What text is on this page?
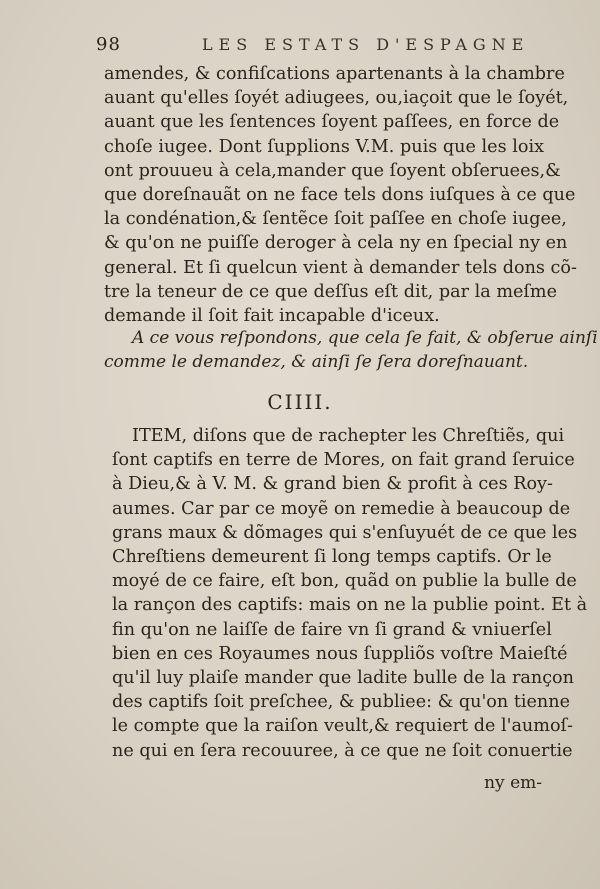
98	LES ESTATS D'ESPAGNE
amendes, & confiſcations apartenants à la chambre
auant qu'elles ſoyét adiugees, ou,iaçoit que le ſoyét,
auant que les ſentences ſoyent paſſees, en force de
choſe iugee. Dont ſupplions V.M. puis que les loix
ont prouueu à cela,mander que ſoyent obſeruees,&
que doreſnauãt on ne face tels dons iuſques à ce que
la condénation,& ſentẽce ſoit paſſee en choſe iugee,
& qu'on ne puiſſe deroger à cela ny en ſpecial ny en
general. Et ſi quelcun vient à demander tels dons cõ-
tre la teneur de ce que deſſus eſt dit, par la meſme
demande il ſoit fait incapable d'iceux.
A ce vous reſpondons, que cela ſe fait, & obſerue ainſi
comme le demandez, & ainſi ſe ſera doreſnauant.
CIIII.
ITEM, diſons que de rachepter les Chreſtiẽs, qui
ſont captifs en terre de Mores, on fait grand ſeruice
à Dieu,& à V. M. & grand bien & profit à ces Roy-
aumes. Car par ce moyẽ on remedie à beaucoup de
grans maux & dõmages qui s'enſuyuét de ce que les
Chreſtiens demeurent ſi long temps captifs. Or le
moyé de ce faire, eſt bon, quãd on publie la bulle de
la rançon des captifs: mais on ne la publie point. Et à
fin qu'on ne laiſſe de faire vn ſi grand & vniuerſel
bien en ces Royaumes nous ſuppliõs voſtre Maieſté
qu'il luy plaiſe mander que ladite bulle de la rançon
des captifs ſoit preſchee, & publiee: & qu'on tienne
le compte que la raiſon veult,& requiert de l'aumoſ-
ne qui en ſera recouuree, à ce que ne ſoit conuertie
ny em-
